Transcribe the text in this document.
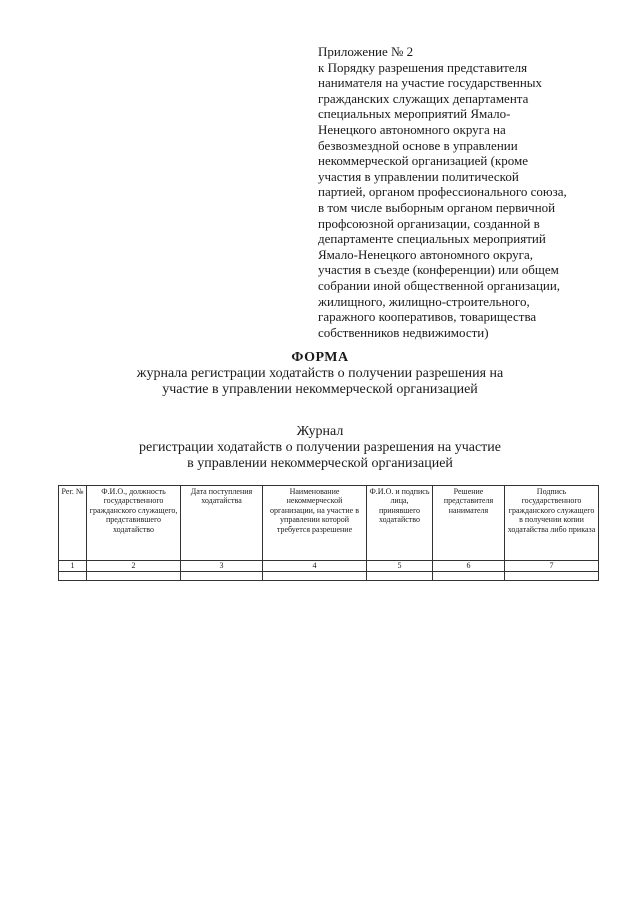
Приложение № 2
к Порядку разрешения представителя
нанимателя на участие государственных
гражданских служащих департамента
специальных мероприятий Ямало-
Ненецкого автономного округа на
безвозмездной основе в управлении
некоммерческой организацией (кроме
участия в управлении политической
партией, органом профессионального союза,
в том числе выборным органом первичной
профсоюзной организации, созданной в
департаменте специальных мероприятий
Ямало-Ненецкого автономного округа,
участия в съезде (конференции) или общем
собрании иной общественной организации,
жилищного, жилищно-строительного,
гаражного кооперативов, товарищества
собственников недвижимости)
ФОРМА
журнала регистрации ходатайств о получении разрешения на
участие в управлении некоммерческой организацией
Журнал
регистрации ходатайств о получении разрешения на участие
в управлении некоммерческой организацией
Рег. №	Ф.И.О., должность государственного гражданского служащего, представившего ходатайство	Дата поступления ходатайства	Наименование некоммерческой организации, на участие в управлении которой требуется разрешение	Ф.И.О. и подпись лица, принявшего ходатайство	Решение представителя нанимателя	Подпись государственного гражданского служащего в получении копии ходатайства либо приказа
1	2	3	4	5	6	7
